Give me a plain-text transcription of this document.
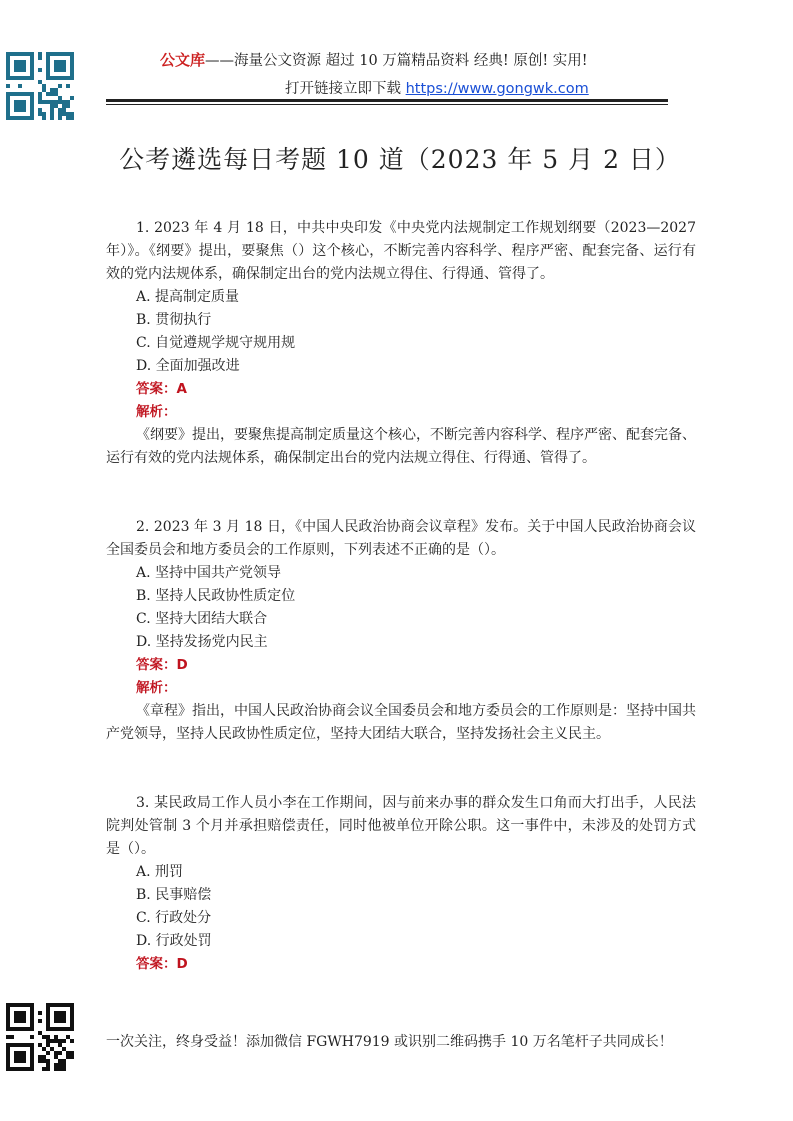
公文库——海量公文资源 超过 10 万篇精品资料 经典! 原创! 实用!
打开链接立即下载 https://www.gongwk.com
公考遴选每日考题 10 道（2023 年 5 月 2 日）

1. 2023 年 4 月 18 日，中共中央印发《中央党内法规制定工作规划纲要（2023—2027 年）》。《纲要》提出，要聚焦（）这个核心，不断完善内容科学、程序严密、配套完备、运行有效的党内法规体系，确保制定出台的党内法规立得住、行得通、管得了。

A. 提高制定质量

B. 贯彻执行

C. 自觉遵规学规守规用规

D. 全面加强改进

答案：A

解析：

《纲要》提出，要聚焦提高制定质量这个核心，不断完善内容科学、程序严密、配套完备、运行有效的党内法规体系，确保制定出台的党内法规立得住、行得通、管得了。

2. 2023 年 3 月 18 日，《中国人民政治协商会议章程》发布。关于中国人民政治协商会议全国委员会和地方委员会的工作原则，下列表述不正确的是（）。

A. 坚持中国共产党领导

B. 坚持人民政协性质定位

C. 坚持大团结大联合

D. 坚持发扬党内民主

答案：D

解析：

《章程》指出，中国人民政治协商会议全国委员会和地方委员会的工作原则是：坚持中国共产党领导，坚持人民政协性质定位，坚持大团结大联合，坚持发扬社会主义民主。

3. 某民政局工作人员小李在工作期间，因与前来办事的群众发生口角而大打出手，人民法院判处管制 3 个月并承担赔偿责任，同时他被单位开除公职。这一事件中，未涉及的处罚方式是（）。

A. 刑罚

B. 民事赔偿

C. 行政处分

D. 行政处罚

答案：D

一次关注，终身受益！添加微信 FGWH7919 或识别二维码携手 10 万名笔杆子共同成长！
